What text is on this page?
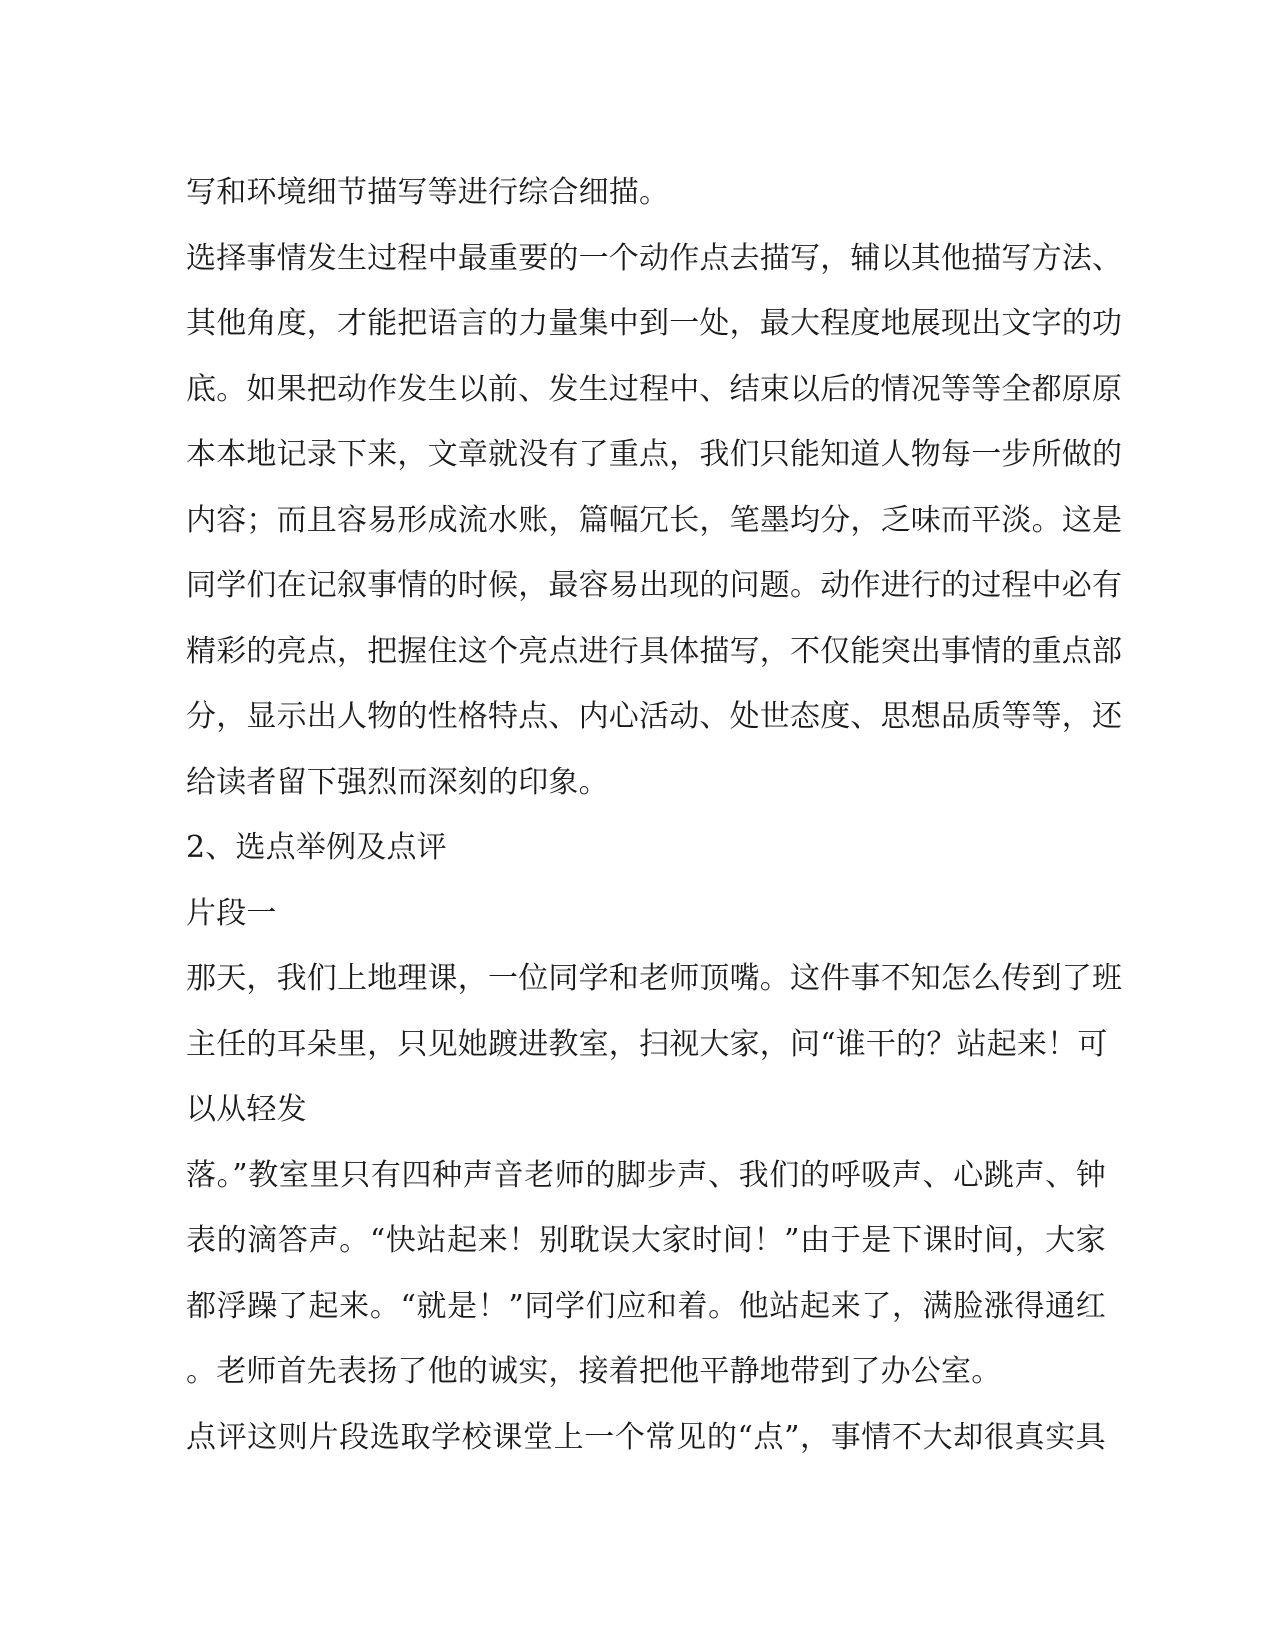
写和环境细节描写等进行综合细描。
选择事情发生过程中最重要的一个动作点去描写，辅以其他描写方法、
其他角度，才能把语言的力量集中到一处，最大程度地展现出文字的功
底。如果把动作发生以前、发生过程中、结束以后的情况等等全都原原
本本地记录下来，文章就没有了重点，我们只能知道人物每一步所做的
内容；而且容易形成流水账，篇幅冗长，笔墨均分，乏味而平淡。这是
同学们在记叙事情的时候，最容易出现的问题。动作进行的过程中必有
精彩的亮点，把握住这个亮点进行具体描写，不仅能突出事情的重点部
分，显示出人物的性格特点、内心活动、处世态度、思想品质等等，还
给读者留下强烈而深刻的印象。
2、选点举例及点评
片段一
那天，我们上地理课，一位同学和老师顶嘴。这件事不知怎么传到了班
主任的耳朵里，只见她踱进教室，扫视大家，问“谁干的？站起来！可
以从轻发
落。”教室里只有四种声音老师的脚步声、我们的呼吸声、心跳声、钟
表的滴答声。“快站起来！别耽误大家时间！”由于是下课时间，大家
都浮躁了起来。“就是！”同学们应和着。他站起来了，满脸涨得通红
。老师首先表扬了他的诚实，接着把他平静地带到了办公室。
点评这则片段选取学校课堂上一个常见的“点”，事情不大却很真实具
